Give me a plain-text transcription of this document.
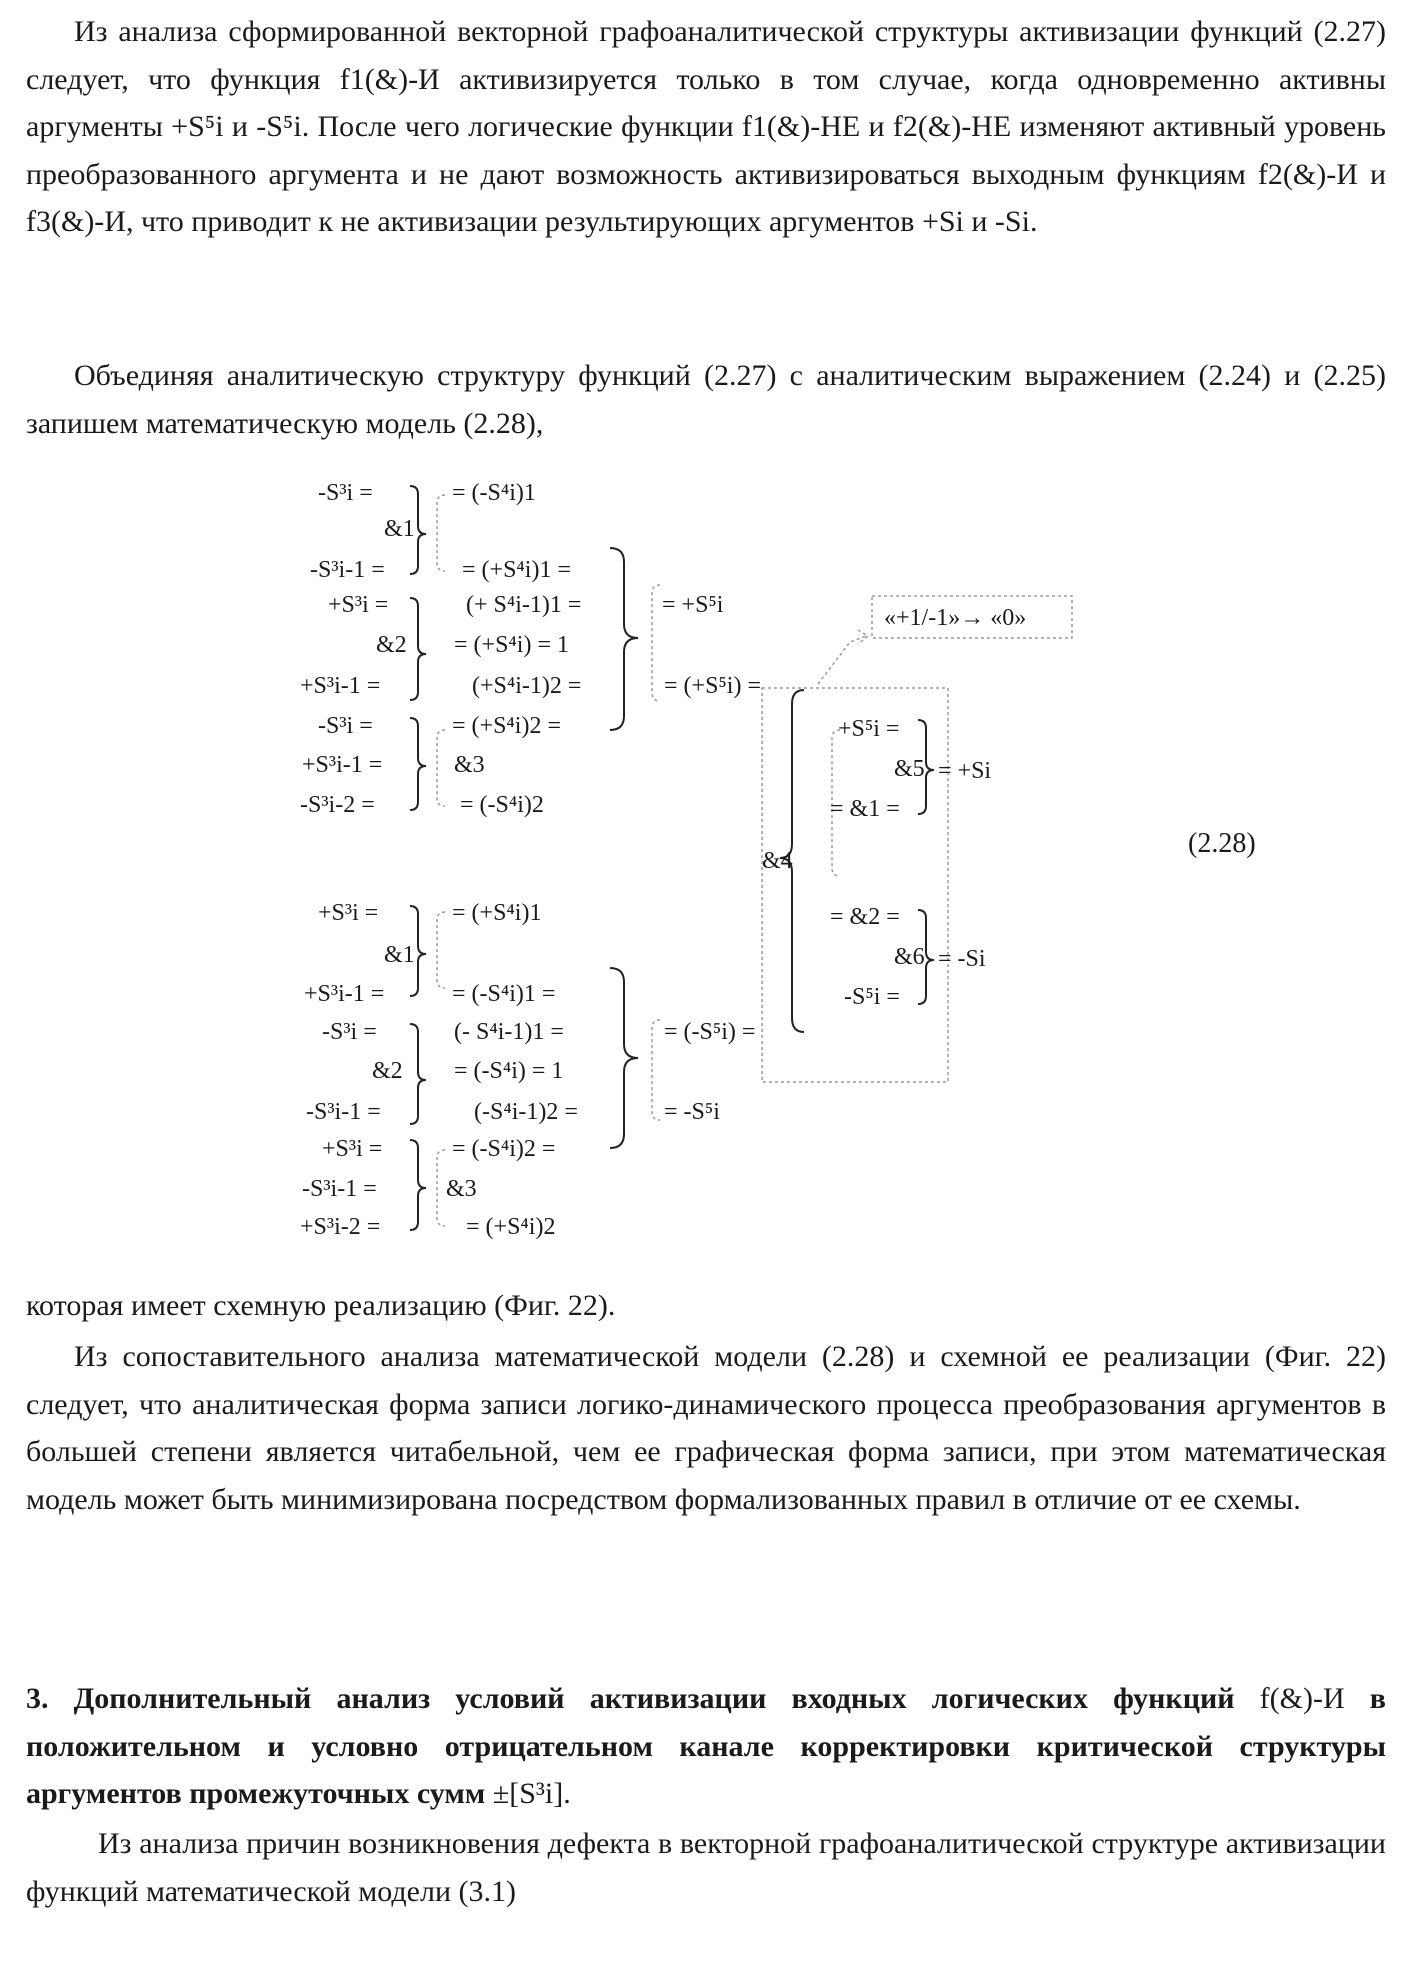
Из анализа сформированной векторной графоаналитической структуры активизации функций (2.27) следует, что функция f1(&)-И активизируется только в том случае, когда одновременно активны аргументы +S⁵i и -S⁵i. После чего логические функции f1(&)-НЕ и f2(&)-НЕ изменяют активный уровень преобразованного аргумента и не дают возможность активизироваться выходным функциям f2(&)-И и f3(&)-И, что приводит к не активизации результирующих аргументов +Si и -Si.

Объединяя аналитическую структуру функций (2.27) с аналитическим выражением (2.24) и (2.25) запишем математическую модель (2.28),

-S³i =
&1
-S³i-1 =
+S³i =
&2
+S³i-1 =
-S³i =
+S³i-1 =
-S³i-2 =
= (-S⁴i)1
= (+S⁴i)1 =
(+ S⁴i-1)1 =
= (+S⁴i) = 1
(+S⁴i-1)2 =
= (+S⁴i)2 =
&3
= (-S⁴i)2
= +S⁵i
= (+S⁵i) =
+S³i =
&1
+S³i-1 =
-S³i =
&2
-S³i-1 =
+S³i =
-S³i-1 =
+S³i-2 =
= (+S⁴i)1
= (-S⁴i)1 =
(- S⁴i-1)1 =
= (-S⁴i) = 1
(-S⁴i-1)2 =
= (-S⁴i)2 =
&3
= (+S⁴i)2
= (-S⁵i) =
= -S⁵i
«+1/-1»→ «0»
&4
+S⁵i =
&5
= &1 =
= +Si
= &2 =
&6
-S⁵i =
= -Si
(2.28)

которая имеет схемную реализацию (Фиг. 22).

Из сопоставительного анализа математической модели (2.28) и схемной ее реализации (Фиг. 22) следует, что аналитическая форма записи логико-динамического процесса преобразования аргументов в большей степени является читабельной, чем ее графическая форма записи, при этом математическая модель может быть минимизирована посредством формализованных правил в отличие от ее схемы.

3. Дополнительный анализ условий активизации входных логических функций f(&)-И в положительном и условно отрицательном канале корректировки критической структуры аргументов промежуточных сумм ±[S³i].

Из анализа причин возникновения дефекта в векторной графоаналитической структуре активизации функций математической модели (3.1)
